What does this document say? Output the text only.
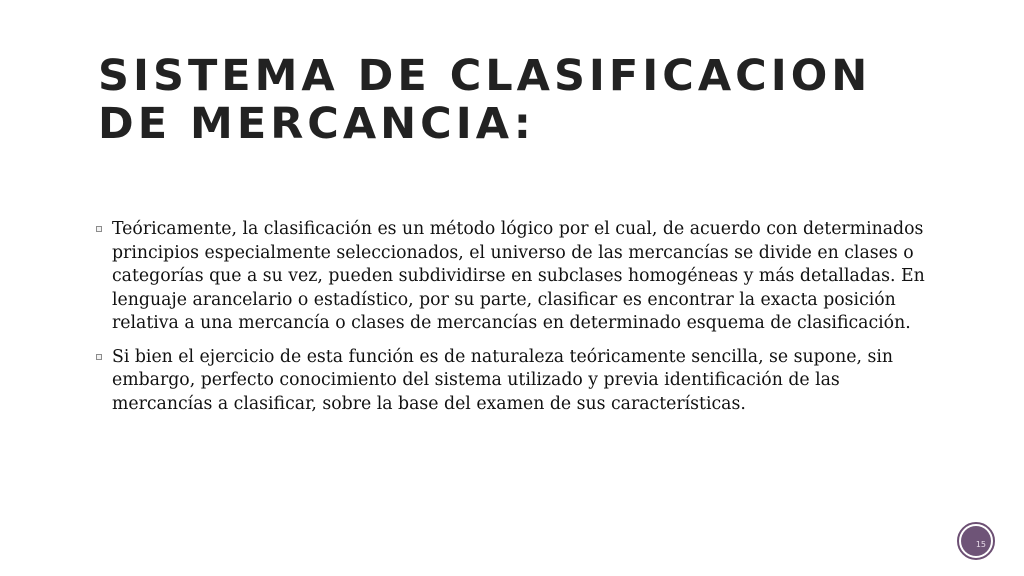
SISTEMA DE CLASIFICACION DE MERCANCIA:
Teóricamente, la clasificación es un método lógico por el cual, de acuerdo con determinados principios especialmente seleccionados, el universo de las mercancías se divide en clases o categorías que a su vez, pueden subdividirse en subclases homogéneas y más detalladas. En lenguaje arancelario o estadístico, por su parte, clasificar es encontrar la exacta posición relativa a una mercancía o clases de mercancías en determinado esquema de clasificación.
Si bien el ejercicio de esta función es de naturaleza teóricamente sencilla, se supone, sin embargo, perfecto conocimiento del sistema utilizado y previa identificación de las mercancías a clasificar, sobre la base del examen de sus características.
15
